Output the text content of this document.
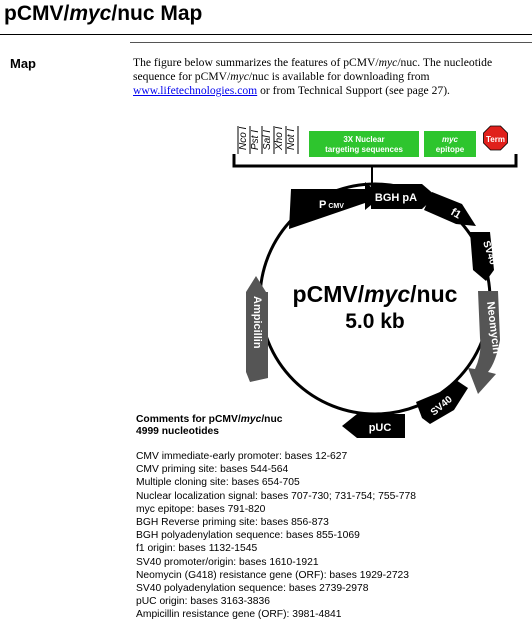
pCMV/myc/nuc Map
Map	The figure below summarizes the features of pCMV/myc/nuc. The nucleotide sequence for pCMV/myc/nuc is available for downloading from www.lifetechnologies.com or from Technical Support (see page 27).
Nco I Pst I Sal I Xho I Not I	3X Nuclear
targeting sequences
myc
epitope
Term
pCMV/myc/nuc
5.0 kb
PCMV
BGH pA
f1
SV40
Neomycin
SV40
pUC
Ampicillin
Comments for pCMV/myc/nuc
4999 nucleotides
CMV immediate-early promoter: bases 12-627
CMV priming site: bases 544-564
Multiple cloning site: bases 654-705
Nuclear localization signal: bases 707-730; 731-754; 755-778
myc epitope: bases 791-820
BGH Reverse priming site: bases 856-873
BGH polyadenylation sequence: bases 855-1069
f1 origin: bases 1132-1545
SV40 promoter/origin: bases 1610-1921
Neomycin (G418) resistance gene (ORF): bases 1929-2723
SV40 polyadenylation sequence: bases 2739-2978
pUC origin: bases 3163-3836
Ampicillin resistance gene (ORF): 3981-4841
